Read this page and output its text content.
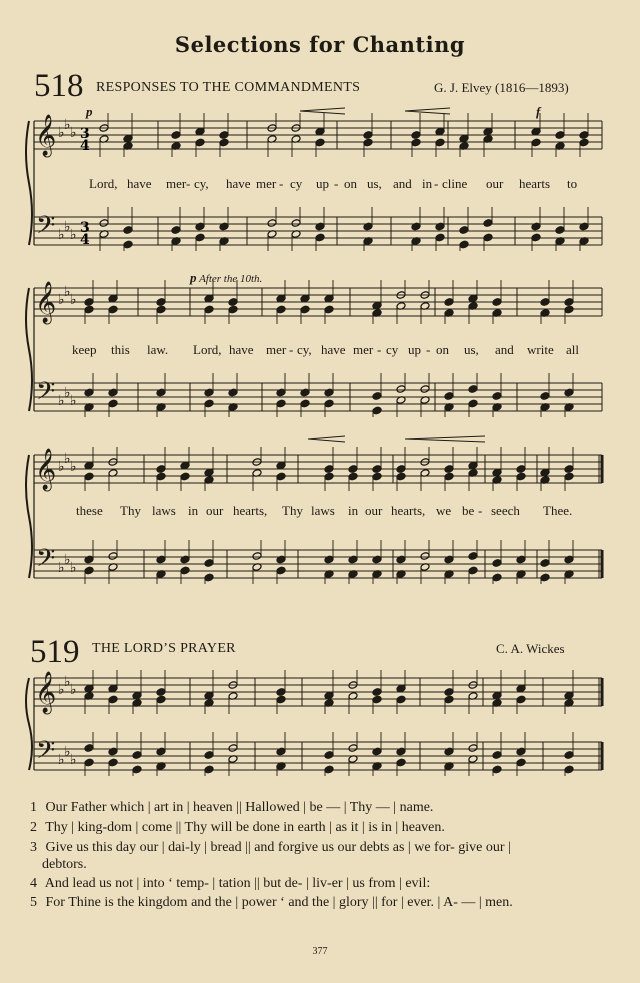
Selections for Chanting
518 RESPONSES TO THE COMMANDMENTS	G. J. Elvey (1816—1893)
p	f
p After the 10th.
Lord, have mer - cy, have mer - cy up - on us, and in - cline our hearts to
keep this law. Lord, have mer - cy, have mer - cy up - on us, and write all
these Thy laws in our hearts, Thy laws in our hearts, we be - seech Thee.
519 THE LORD’S PRAYER	C. A. Wickes
3
4
3
4
𝄞
𝄢
♭ ♭ ♭
♭ ♭ ♭
𝄞
𝄢
♭ ♭ ♭
♭ ♭ ♭
𝄞
𝄢
♭ ♭ ♭
♭ ♭ ♭
𝄞
𝄢
♭ ♭ ♭
♭ ♭ ♭
1 Our Father which | art in | heaven || Hallowed | be — | Thy — | name.
2 Thy | king-dom | come || Thy will be done in earth | as it | is in | heaven.
3 Give us this day our | dai-ly | bread || and forgive us our debts as | we for- give our |
debtors.
4 And lead us not | into ‘ temp- | tation || but de- | liv-er | us from | evil:
5 For Thine is the kingdom and the | power ‘ and the | glory || for | ever. | A- — | men.
377
